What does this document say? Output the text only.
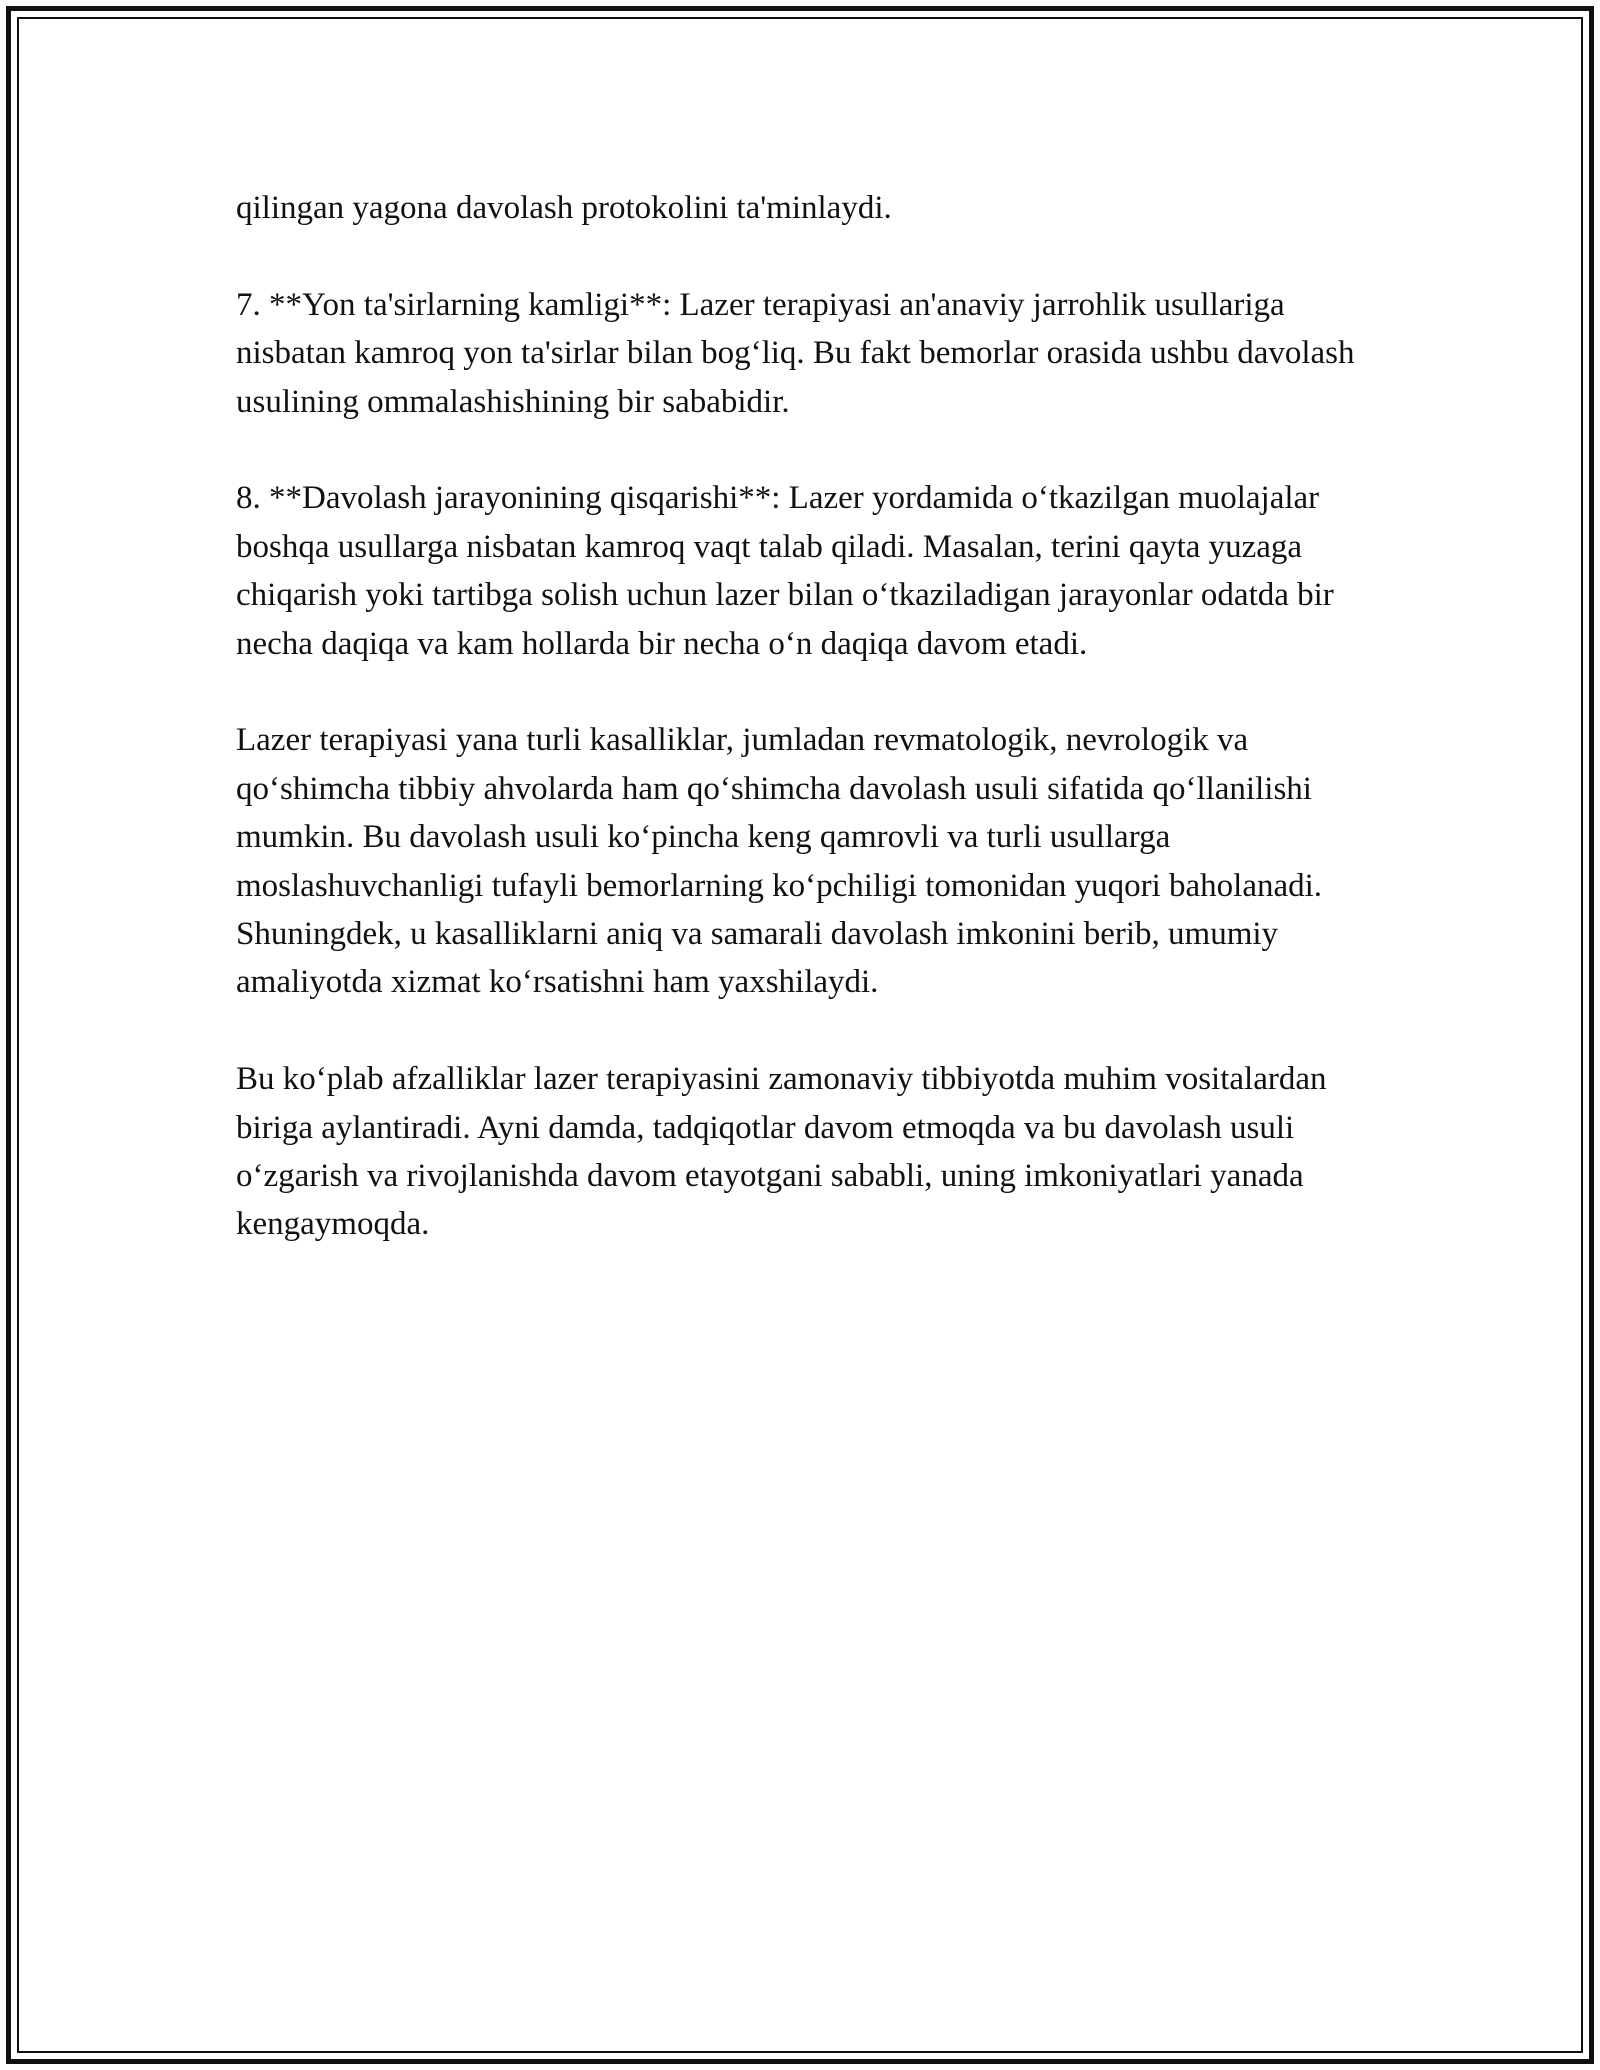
qilingan yagona davolash protokolini ta'minlaydi.

7. **Yon ta'sirlarning kamligi**: Lazer terapiyasi an'anaviy jarrohlik usullariga nisbatan kamroq yon ta'sirlar bilan bog‘liq. Bu fakt bemorlar orasida ushbu davolash usulining ommalashishining bir sababidir.

8. **Davolash jarayonining qisqarishi**: Lazer yordamida o‘tkazilgan muolajalar boshqa usullarga nisbatan kamroq vaqt talab qiladi. Masalan, terini qayta yuzaga chiqarish yoki tartibga solish uchun lazer bilan o‘tkaziladigan jarayonlar odatda bir necha daqiqa va kam hollarda bir necha o‘n daqiqa davom etadi.

Lazer terapiyasi yana turli kasalliklar, jumladan revmatologik, nevrologik va qo‘shimcha tibbiy ahvolarda ham qo‘shimcha davolash usuli sifatida qo‘llanilishi mumkin. Bu davolash usuli ko‘pincha keng qamrovli va turli usullarga moslashuvchanligi tufayli bemorlarning ko‘pchiligi tomonidan yuqori baholanadi. Shuningdek, u kasalliklarni aniq va samarali davolash imkonini berib, umumiy amaliyotda xizmat ko‘rsatishni ham yaxshilaydi.

Bu ko‘plab afzalliklar lazer terapiyasini zamonaviy tibbiyotda muhim vositalardan biriga aylantiradi. Ayni damda, tadqiqotlar davom etmoqda va bu davolash usuli o‘zgarish va rivojlanishda davom etayotgani sababli, uning imkoniyatlari yanada kengaymoqda.
